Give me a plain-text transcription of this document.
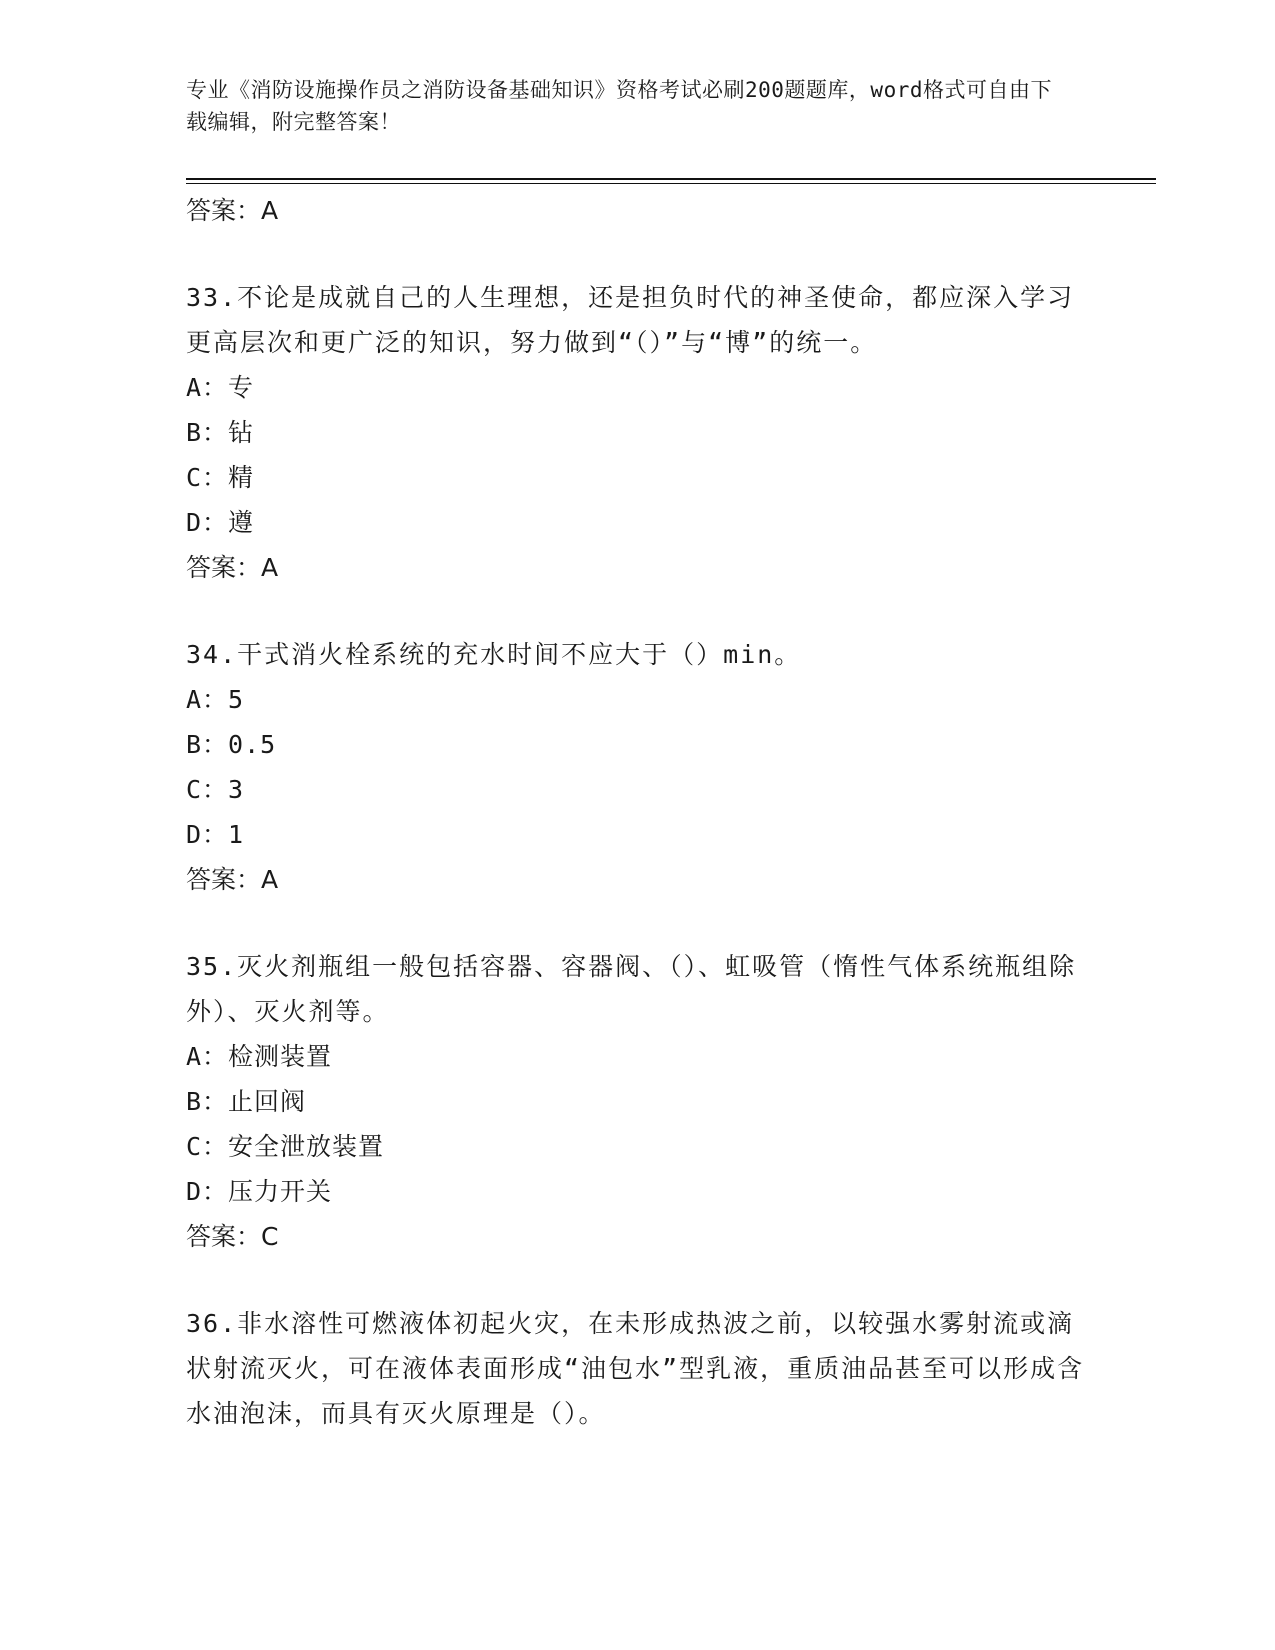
专业《消防设施操作员之消防设备基础知识》资格考试必刷200题题库，word格式可自由下载编辑，附完整答案！
答案：A
33.不论是成就自己的人生理想，还是担负时代的神圣使命，都应深入学习更高层次和更广泛的知识，努力做到“（）”与“博”的统一。
A：专
B：钻
C：精
D：遵
答案：A
34.干式消火栓系统的充水时间不应大于（）min。
A：5
B：0.5
C：3
D：1
答案：A
35.灭火剂瓶组一般包括容器、容器阀、（）、虹吸管（惰性气体系统瓶组除外）、灭火剂等。
A：检测装置
B：止回阀
C：安全泄放装置
D：压力开关
答案：C
36.非水溶性可燃液体初起火灾，在未形成热波之前，以较强水雾射流或滴状射流灭火，可在液体表面形成“油包水”型乳液，重质油品甚至可以形成含水油泡沫，而具有灭火原理是（）。
